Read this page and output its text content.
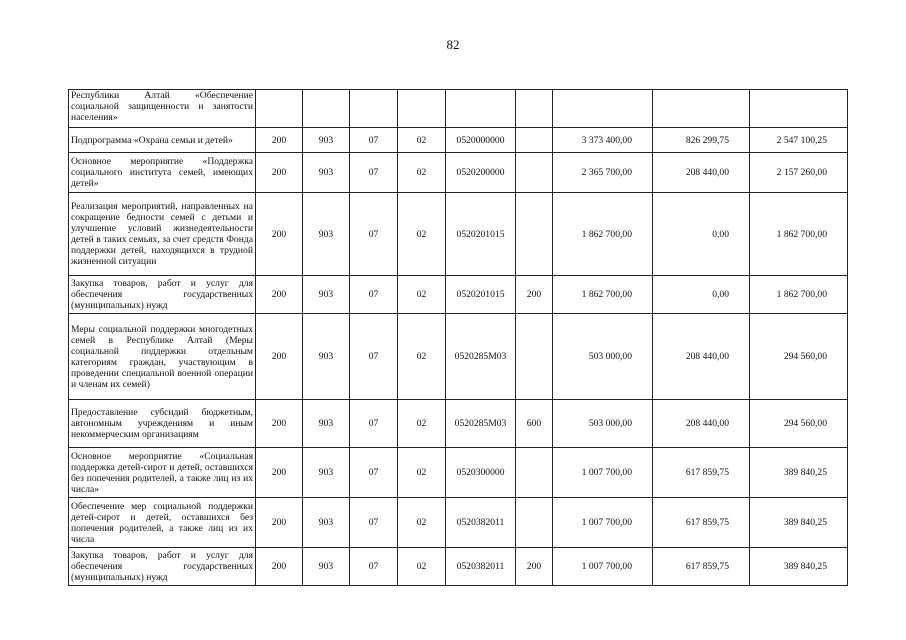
82
Республики Алтай «Обеспечение социальной защищенности и занятости населения»									
Подпрограмма «Охрана семьи и детей»	200	903	07	02	0520000000		3 373 400,00	826 299,75	2 547 100,25
Основное мероприятие «Поддержка социального института семей, имеющих детей»	200	903	07	02	0520200000		2 365 700,00	208 440,00	2 157 260,00
Реализация мероприятий, направленных на сокращение бедности семей с детьми и улучшение условий жизнедеятельности детей в таких семьях, за счет средств Фонда поддержки детей, находящихся в трудной жизненной ситуации	200	903	07	02	0520201015		1 862 700,00	0,00	1 862 700,00
Закупка товаров, работ и услуг для обеспечения государственных (муниципальных) нужд	200	903	07	02	0520201015	200	1 862 700,00	0,00	1 862 700,00
Меры социальной поддержки многодетных семей в Республике Алтай (Меры социальной поддержки отдельным категориям граждан, участвующим в проведении специальной военной операции и членам их семей)	200	903	07	02	0520285M03		503 000,00	208 440,00	294 560,00
Предоставление субсидий бюджетным, автономным учреждениям и иным некоммерческим организациям	200	903	07	02	0520285M03	600	503 000,00	208 440,00	294 560,00
Основное мероприятие «Социальная поддержка детей-сирот и детей, оставшихся без попечения родителей, а также лиц из их числа»	200	903	07	02	0520300000		1 007 700,00	617 859,75	389 840,25
Обеспечение мер социальной поддержки детей-сирот и детей, оставшихся без попечения родителей, а также лиц из их числа	200	903	07	02	0520382011		1 007 700,00	617 859,75	389 840,25
Закупка товаров, работ и услуг для обеспечения государственных (муниципальных) нужд	200	903	07	02	0520382011	200	1 007 700,00	617 859,75	389 840,25
